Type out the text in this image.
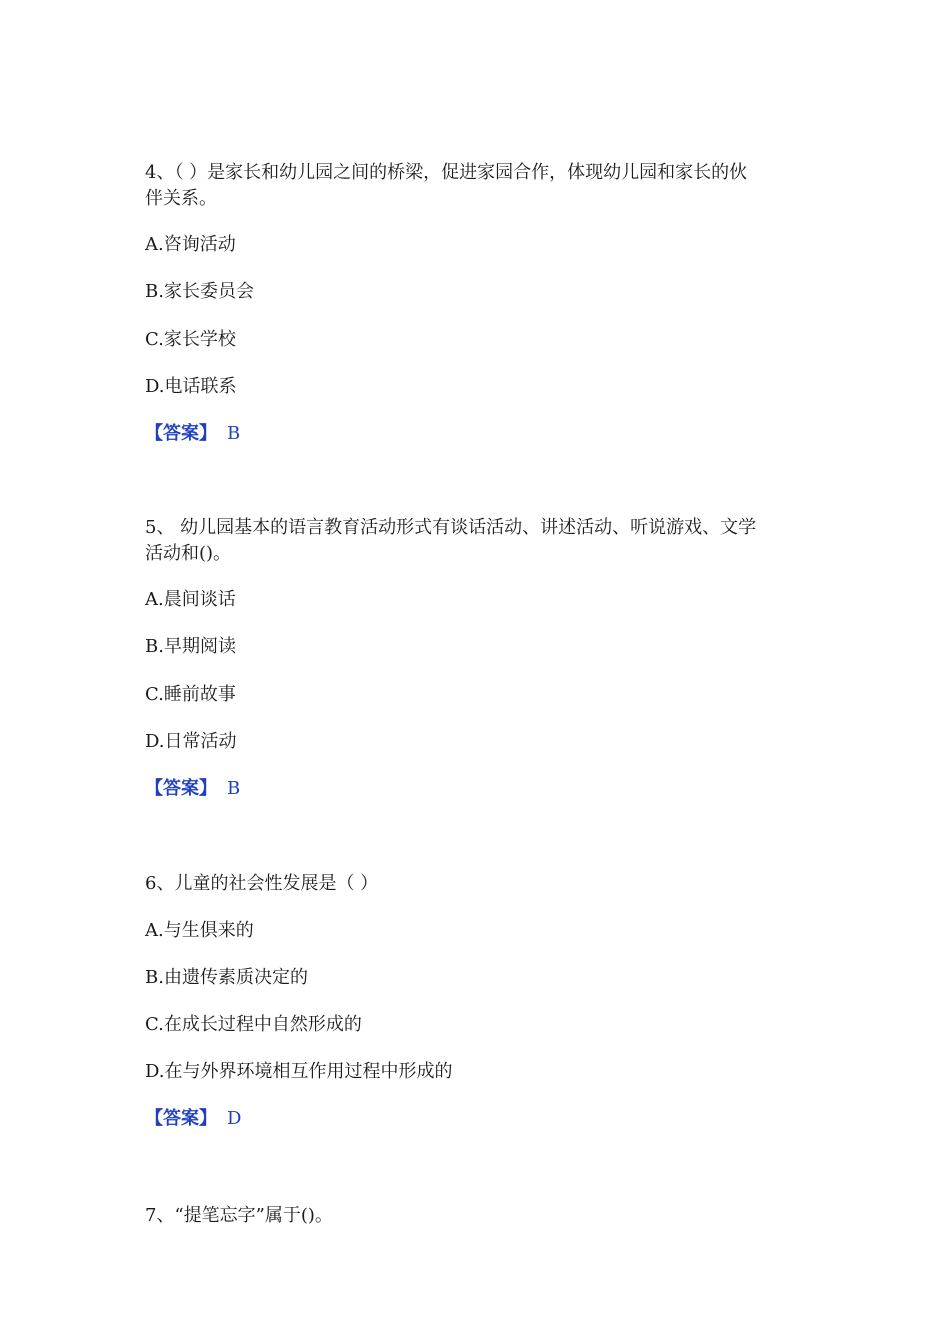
4、（ ）是家长和幼儿园之间的桥梁，促进家园合作，体现幼儿园和家长的伙
伴关系。
A.咨询活动
B.家长委员会
C.家长学校
D.电话联系
【答案】 B
5、 幼儿园基本的语言教育活动形式有谈话活动、讲述活动、听说游戏、文学
活动和()。
A.晨间谈话
B.早期阅读
C.睡前故事
D.日常活动
【答案】 B
6、儿童的社会性发展是（ ）
A.与生俱来的
B.由遗传素质决定的
C.在成长过程中自然形成的
D.在与外界环境相互作用过程中形成的
【答案】 D
7、“提笔忘字”属于()。
